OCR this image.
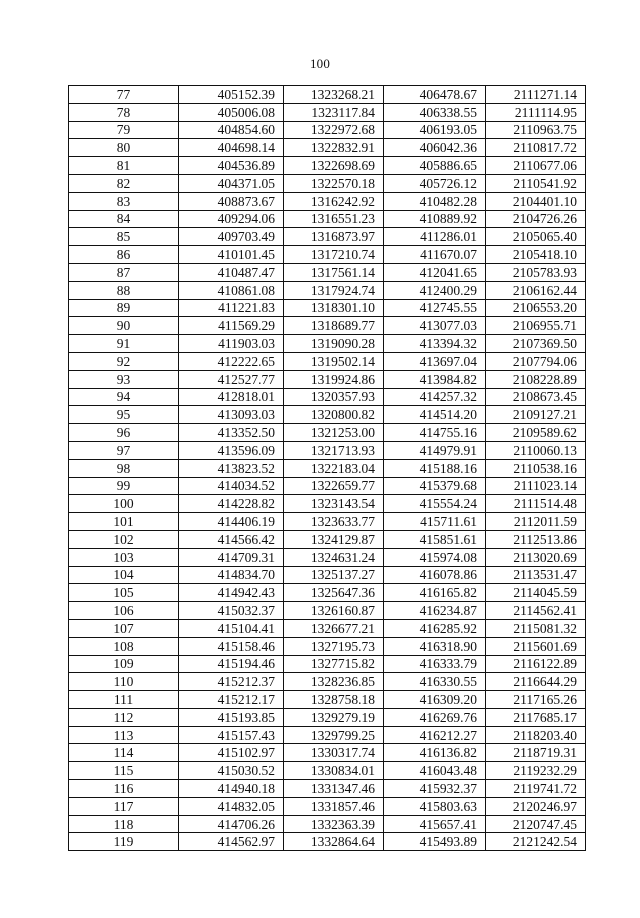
100
77	405152.39	1323268.21	406478.67	2111271.14
78	405006.08	1323117.84	406338.55	2111114.95
79	404854.60	1322972.68	406193.05	2110963.75
80	404698.14	1322832.91	406042.36	2110817.72
81	404536.89	1322698.69	405886.65	2110677.06
82	404371.05	1322570.18	405726.12	2110541.92
83	408873.67	1316242.92	410482.28	2104401.10
84	409294.06	1316551.23	410889.92	2104726.26
85	409703.49	1316873.97	411286.01	2105065.40
86	410101.45	1317210.74	411670.07	2105418.10
87	410487.47	1317561.14	412041.65	2105783.93
88	410861.08	1317924.74	412400.29	2106162.44
89	411221.83	1318301.10	412745.55	2106553.20
90	411569.29	1318689.77	413077.03	2106955.71
91	411903.03	1319090.28	413394.32	2107369.50
92	412222.65	1319502.14	413697.04	2107794.06
93	412527.77	1319924.86	413984.82	2108228.89
94	412818.01	1320357.93	414257.32	2108673.45
95	413093.03	1320800.82	414514.20	2109127.21
96	413352.50	1321253.00	414755.16	2109589.62
97	413596.09	1321713.93	414979.91	2110060.13
98	413823.52	1322183.04	415188.16	2110538.16
99	414034.52	1322659.77	415379.68	2111023.14
100	414228.82	1323143.54	415554.24	2111514.48
101	414406.19	1323633.77	415711.61	2112011.59
102	414566.42	1324129.87	415851.61	2112513.86
103	414709.31	1324631.24	415974.08	2113020.69
104	414834.70	1325137.27	416078.86	2113531.47
105	414942.43	1325647.36	416165.82	2114045.59
106	415032.37	1326160.87	416234.87	2114562.41
107	415104.41	1326677.21	416285.92	2115081.32
108	415158.46	1327195.73	416318.90	2115601.69
109	415194.46	1327715.82	416333.79	2116122.89
110	415212.37	1328236.85	416330.55	2116644.29
111	415212.17	1328758.18	416309.20	2117165.26
112	415193.85	1329279.19	416269.76	2117685.17
113	415157.43	1329799.25	416212.27	2118203.40
114	415102.97	1330317.74	416136.82	2118719.31
115	415030.52	1330834.01	416043.48	2119232.29
116	414940.18	1331347.46	415932.37	2119741.72
117	414832.05	1331857.46	415803.63	2120246.97
118	414706.26	1332363.39	415657.41	2120747.45
119	414562.97	1332864.64	415493.89	2121242.54
